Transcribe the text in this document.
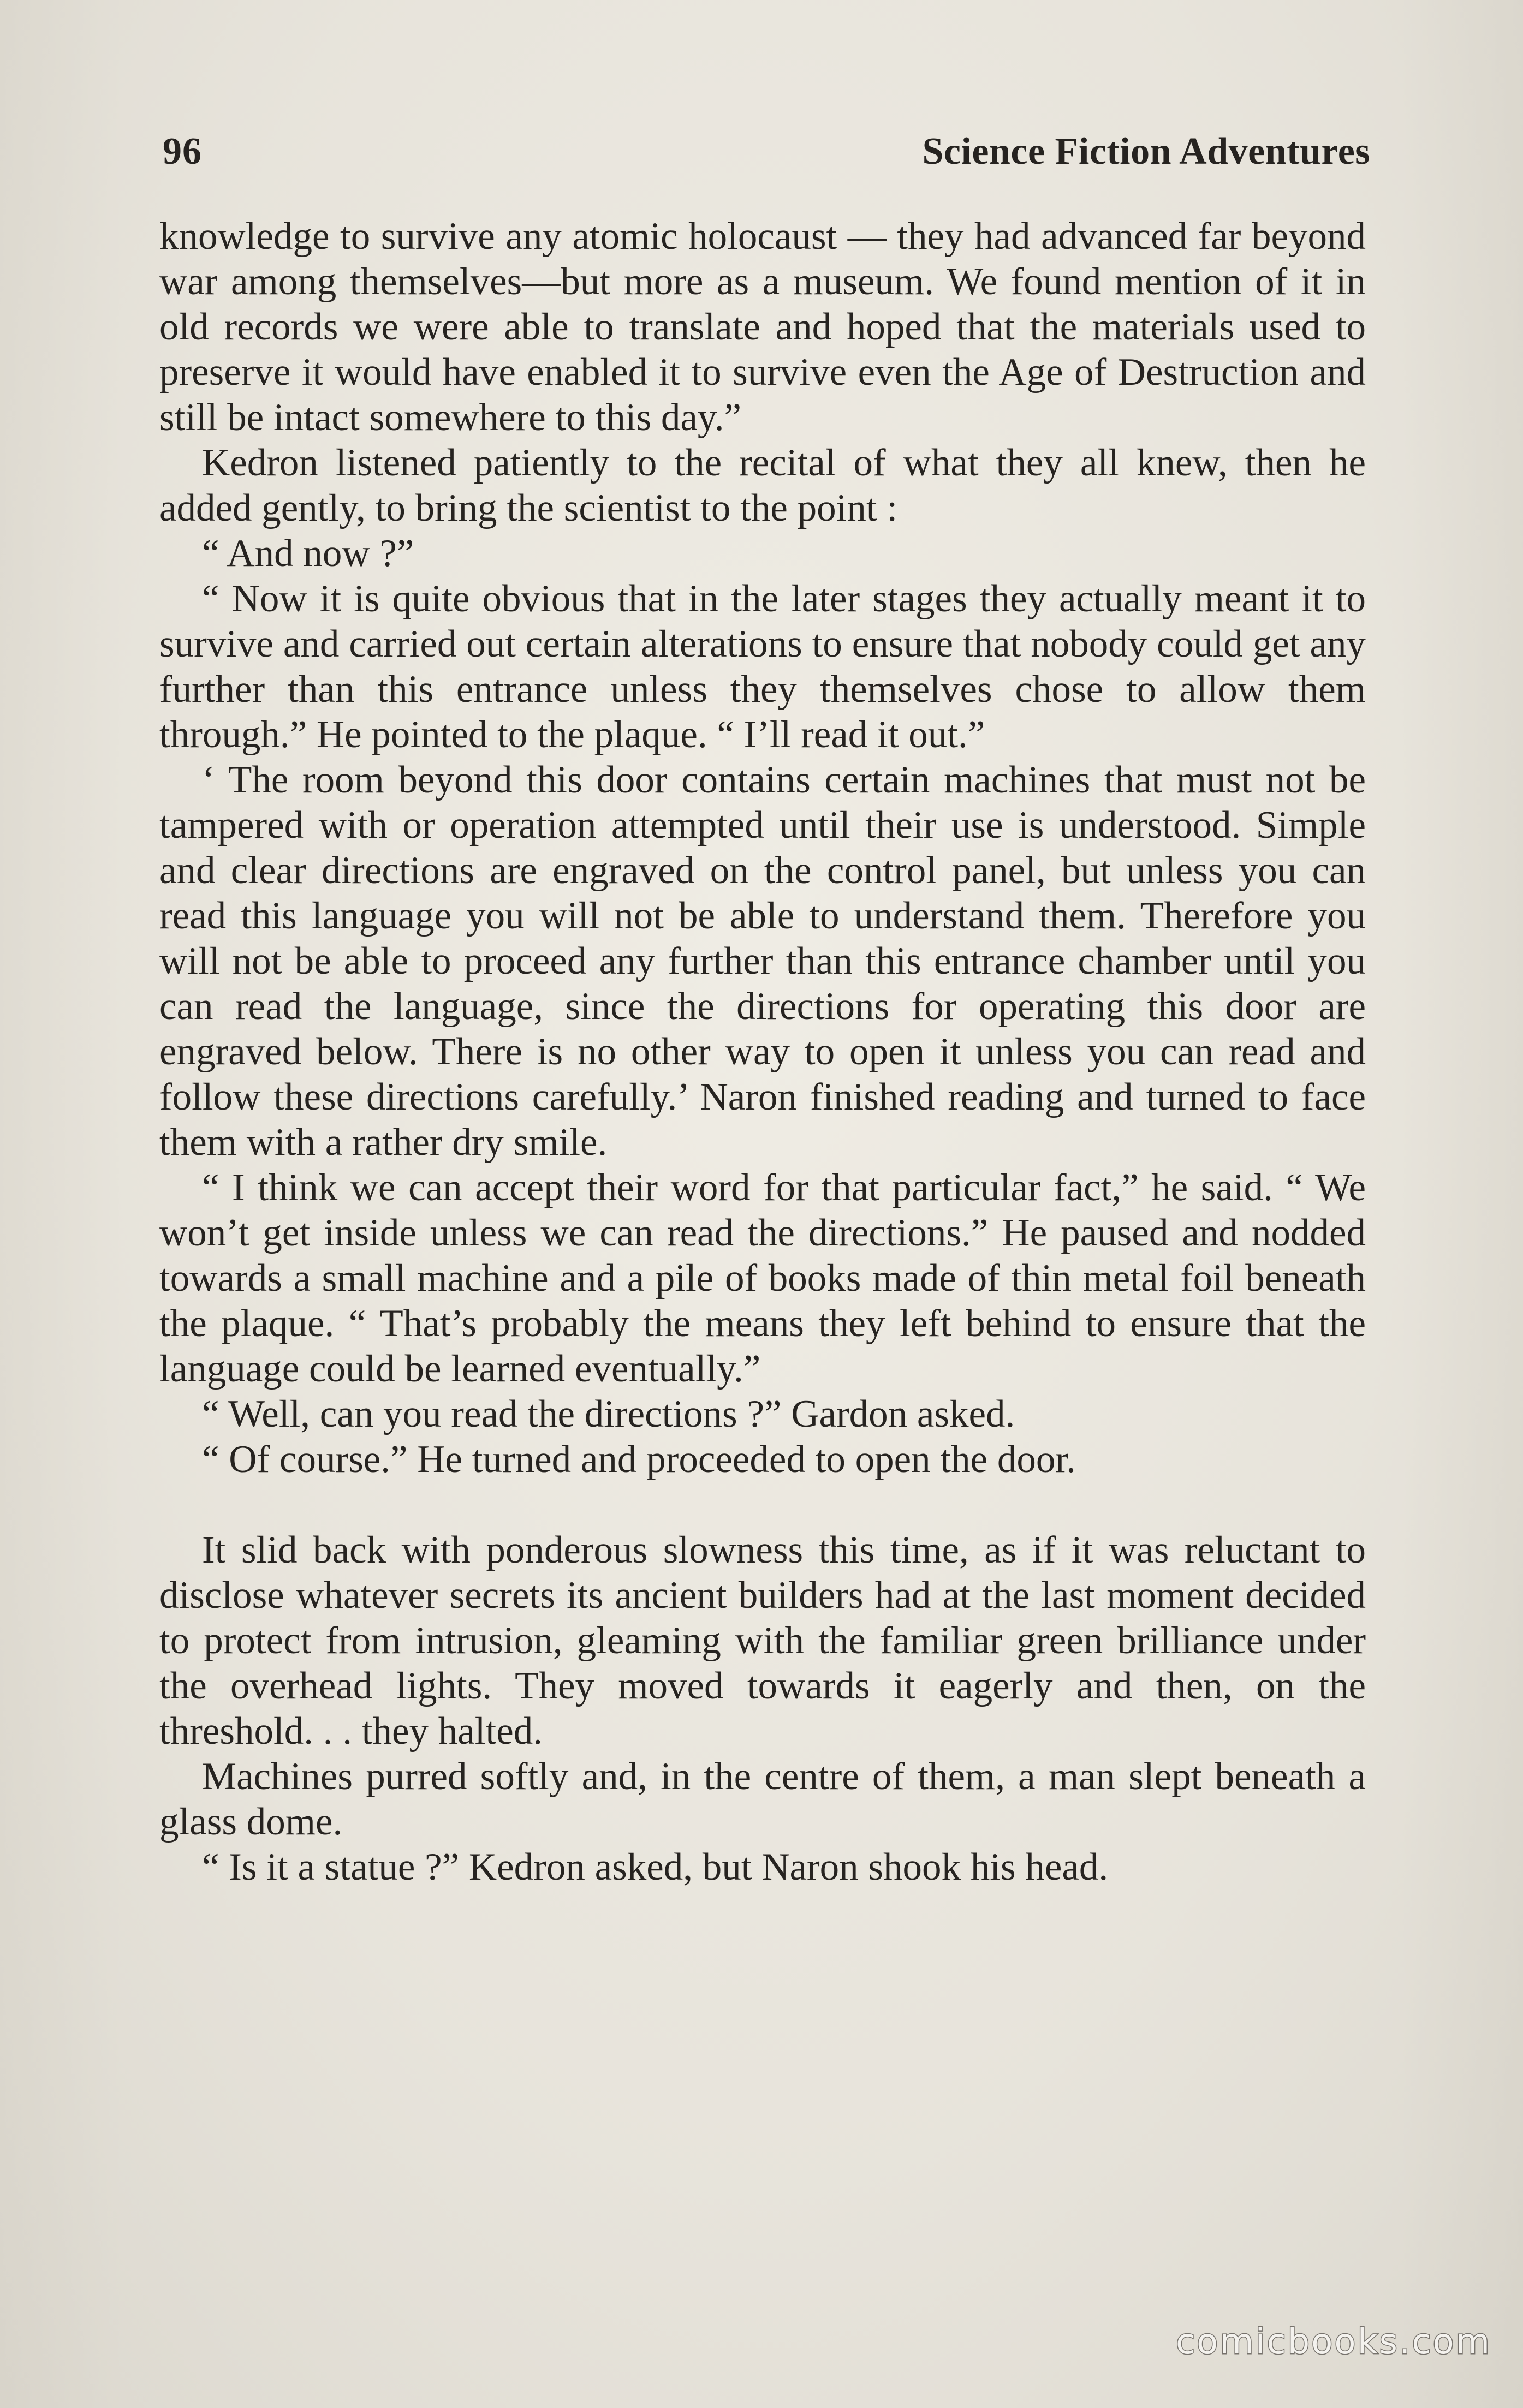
96	Science Fiction Adventures

knowledge to survive any atomic holocaust — they had advanced far beyond war among themselves—but more as a museum. We found mention of it in old records we were able to translate and hoped that the materials used to preserve it would have enabled it to survive even the Age of Destruction and still be intact somewhere to this day.”

Kedron listened patiently to the recital of what they all knew, then he added gently, to bring the scientist to the point :

“ And now ?”

“ Now it is quite obvious that in the later stages they actually meant it to survive and carried out certain alterations to ensure that nobody could get any further than this entrance unless they themselves chose to allow them through.” He pointed to the plaque. “ I’ll read it out.”

‘ The room beyond this door contains certain machines that must not be tampered with or operation attempted until their use is understood. Simple and clear directions are engraved on the control panel, but unless you can read this language you will not be able to understand them. Therefore you will not be able to proceed any further than this entrance chamber until you can read the language, since the directions for operating this door are engraved below. There is no other way to open it unless you can read and follow these directions carefully.’ Naron finished reading and turned to face them with a rather dry smile.

“ I think we can accept their word for that particular fact,” he said. “ We won’t get inside unless we can read the directions.” He paused and nodded towards a small machine and a pile of books made of thin metal foil beneath the plaque. “ That’s probably the means they left behind to ensure that the language could be learned eventually.”

“ Well, can you read the directions ?” Gardon asked.

“ Of course.” He turned and proceeded to open the door.

It slid back with ponderous slowness this time, as if it was reluctant to disclose whatever secrets its ancient builders had at the last moment decided to protect from intrusion, gleaming with the familiar green brilliance under the overhead lights. They moved towards it eagerly and then, on the threshold. . . they halted.

Machines purred softly and, in the centre of them, a man slept beneath a glass dome.

“ Is it a statue ?” Kedron asked, but Naron shook his head.

comicbooks.com
